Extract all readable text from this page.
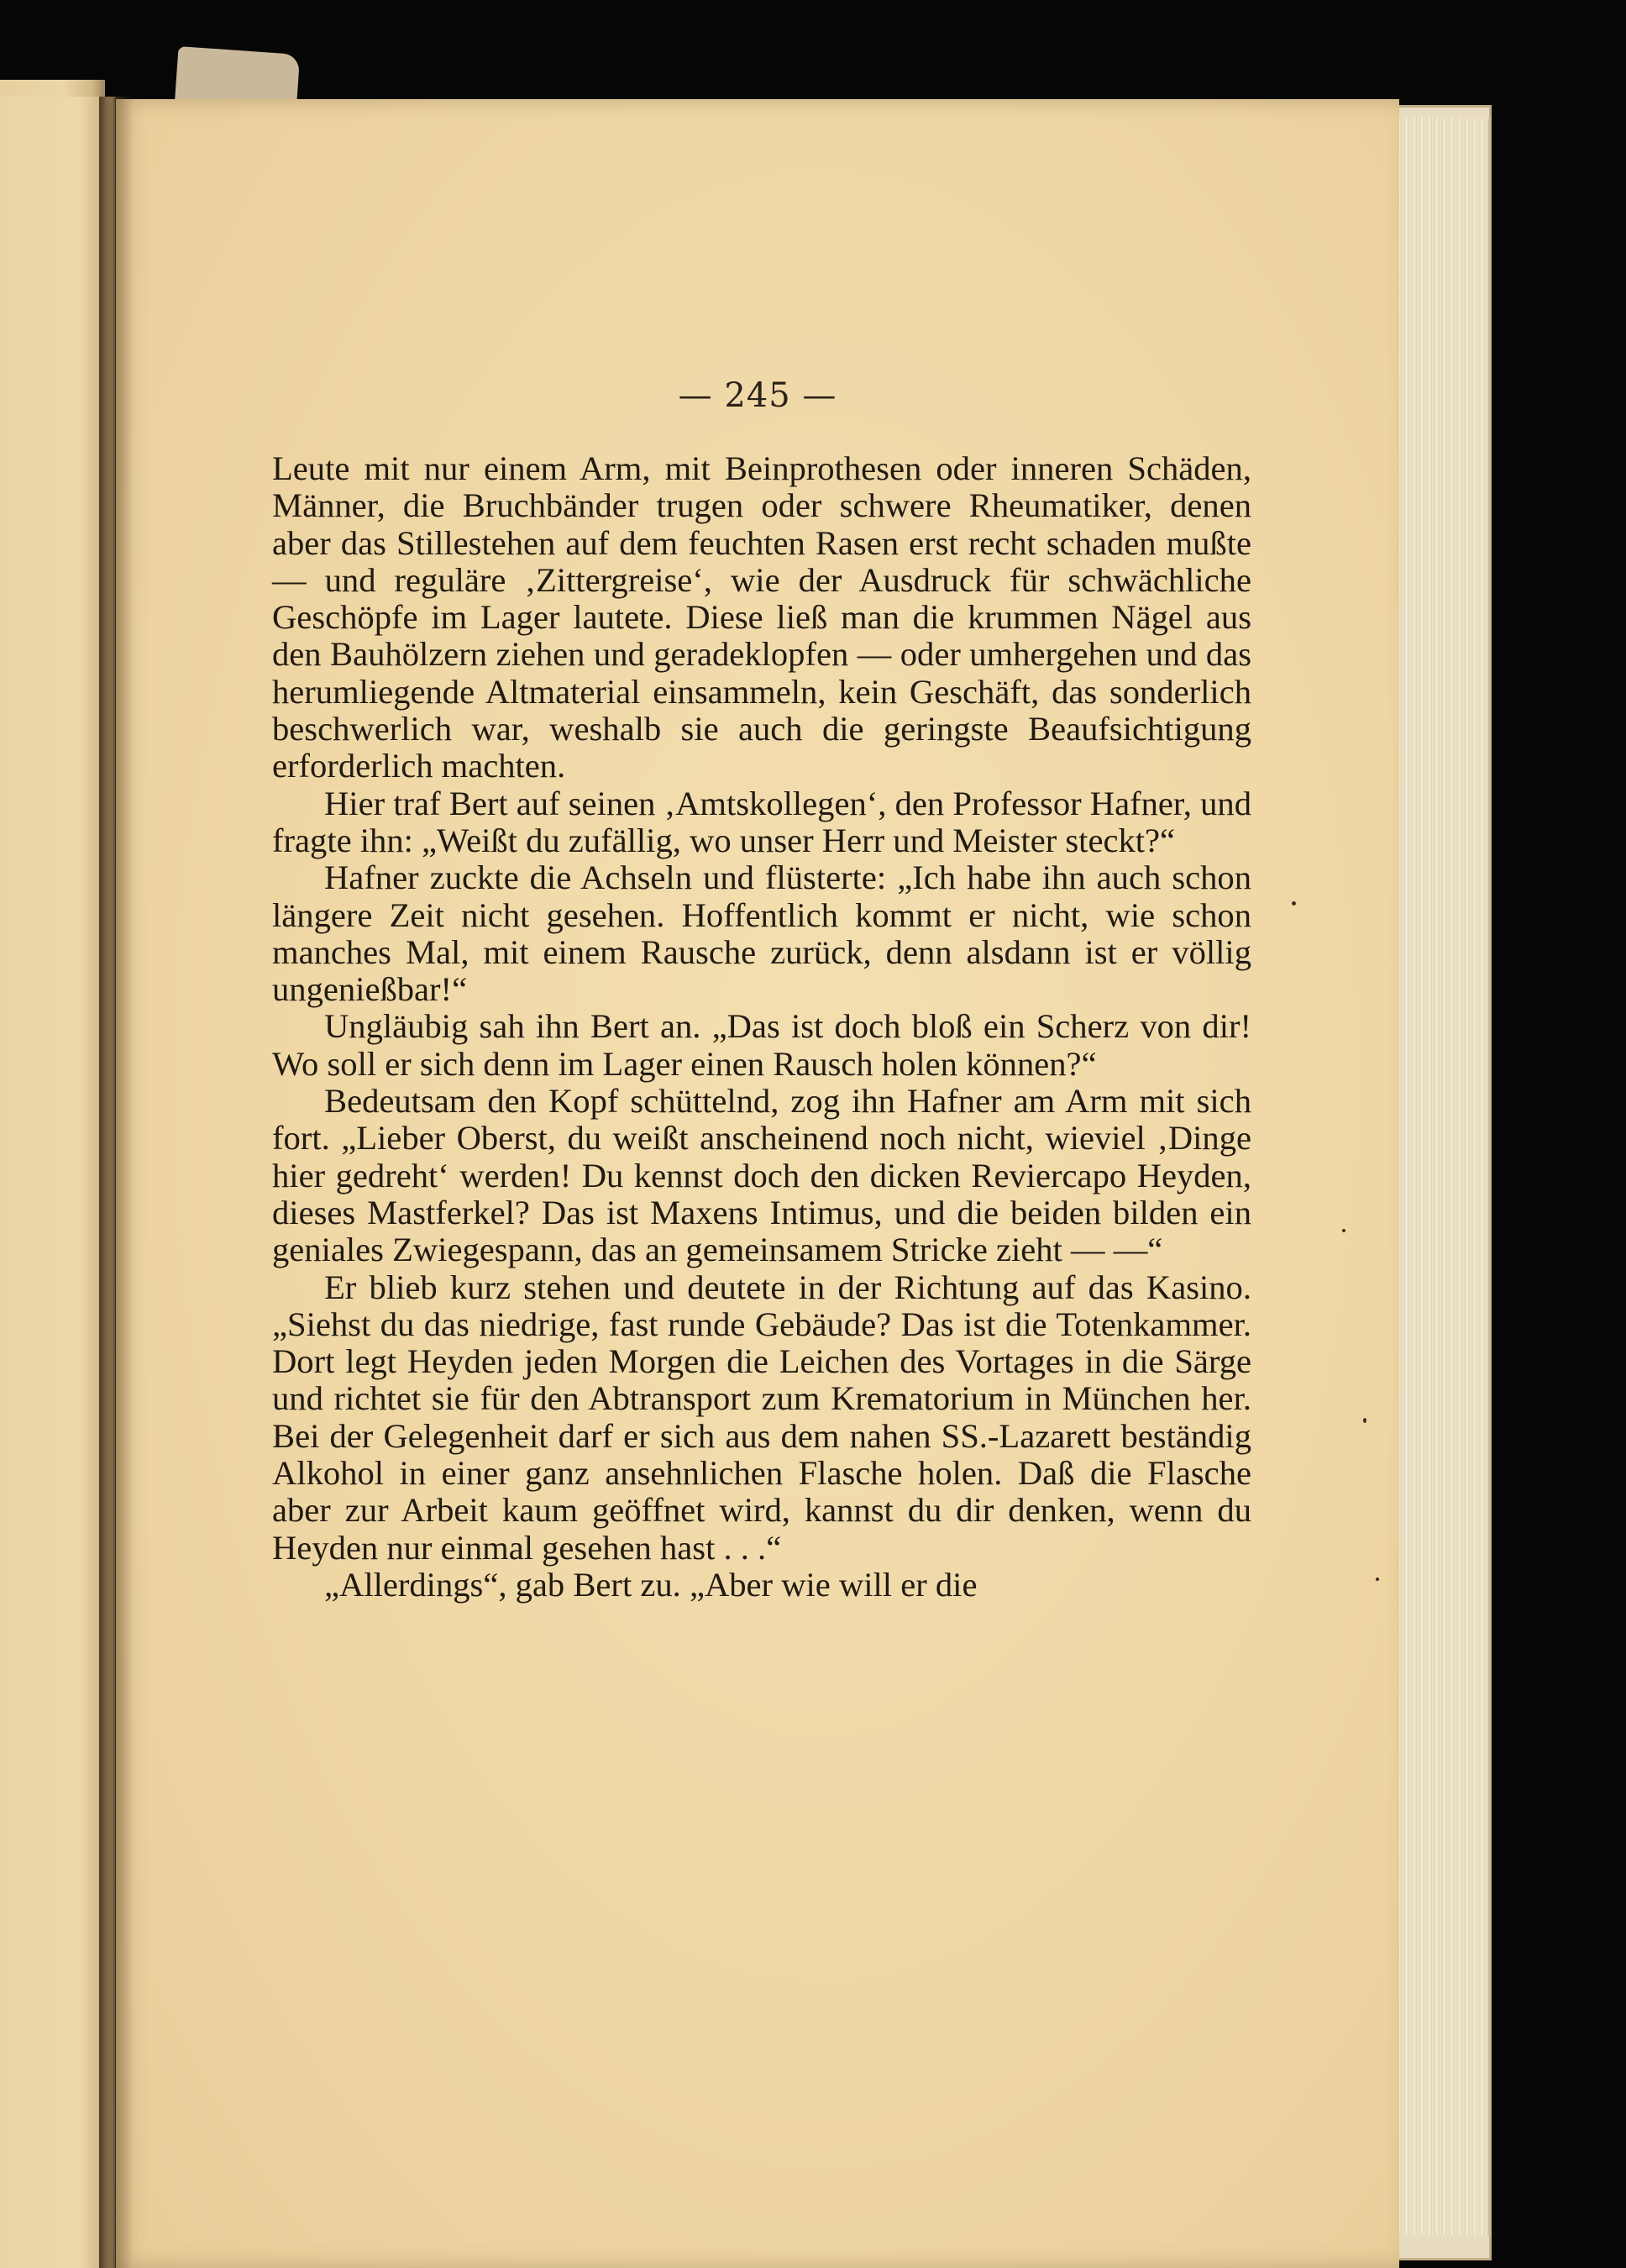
— 245 —

Leute mit nur einem Arm, mit Beinprothesen oder inneren Schäden, Männer, die Bruchbänder trugen oder schwere Rheumatiker, denen aber das Stillestehen auf dem feuchten Rasen erst recht schaden mußte — und reguläre ‚Zittergreise‘, wie der Ausdruck für schwächliche Geschöpfe im Lager lautete. Diese ließ man die krummen Nägel aus den Bauhölzern ziehen und geradeklopfen — oder umhergehen und das herumliegende Altmaterial einsammeln, kein Geschäft, das sonderlich beschwerlich war, weshalb sie auch die geringste Beaufsichtigung erforderlich machten.

Hier traf Bert auf seinen ‚Amtskollegen‘, den Professor Hafner, und fragte ihn: „Weißt du zufällig, wo unser Herr und Meister steckt?“

Hafner zuckte die Achseln und flüsterte: „Ich habe ihn auch schon längere Zeit nicht gesehen. Hoffentlich kommt er nicht, wie schon manches Mal, mit einem Rausche zurück, denn alsdann ist er völlig ungenießbar!“

Ungläubig sah ihn Bert an. „Das ist doch bloß ein Scherz von dir! Wo soll er sich denn im Lager einen Rausch holen können?“

Bedeutsam den Kopf schüttelnd, zog ihn Hafner am Arm mit sich fort. „Lieber Oberst, du weißt anscheinend noch nicht, wieviel ‚Dinge hier gedreht‘ werden! Du kennst doch den dicken Reviercapo Heyden, dieses Mastferkel? Das ist Maxens Intimus, und die beiden bilden ein geniales Zwiegespann, das an gemeinsamem Stricke zieht — —“

Er blieb kurz stehen und deutete in der Richtung auf das Kasino. „Siehst du das niedrige, fast runde Gebäude? Das ist die Totenkammer. Dort legt Heyden jeden Morgen die Leichen des Vortages in die Särge und richtet sie für den Abtransport zum Krematorium in München her. Bei der Gelegenheit darf er sich aus dem nahen SS.-Lazarett beständig Alkohol in einer ganz ansehnlichen Flasche holen. Daß die Flasche aber zur Arbeit kaum geöffnet wird, kannst du dir denken, wenn du Heyden nur einmal gesehen hast . . .“

„Allerdings“, gab Bert zu. „Aber wie will er die
